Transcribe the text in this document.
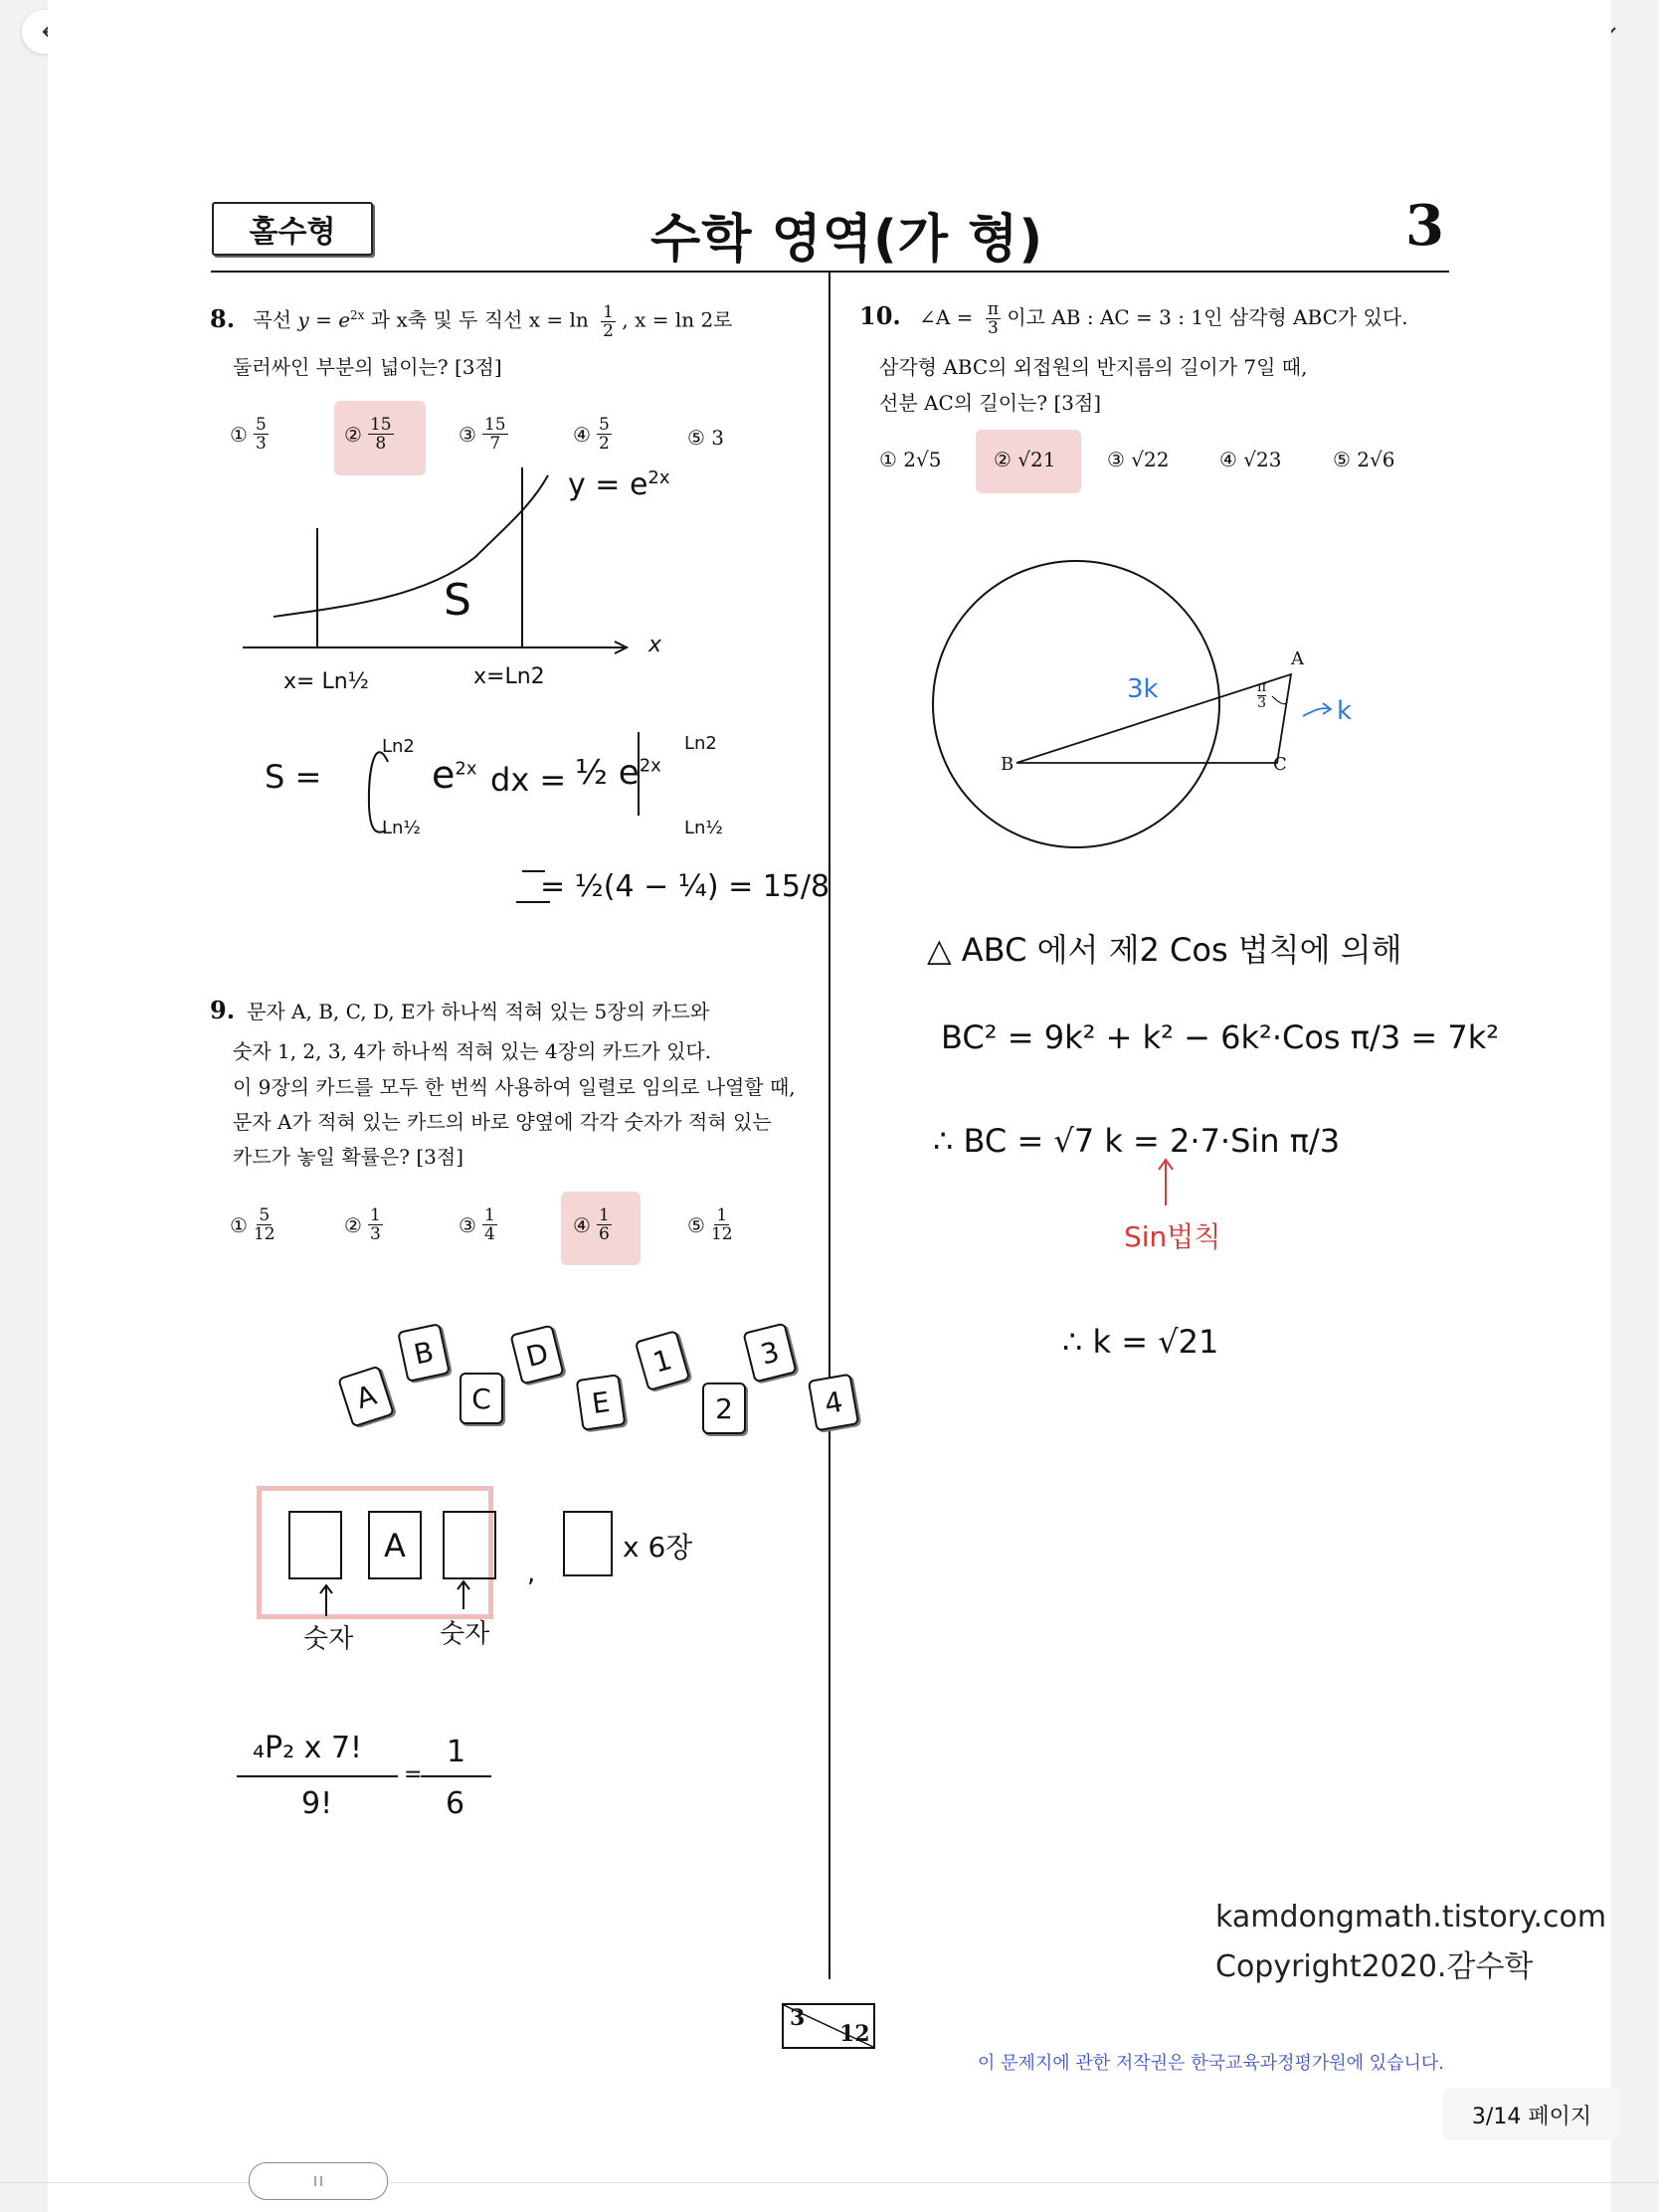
홀수형	수학 영역(가 형)	3
8. 곡선 $y = e^{2x}$ 과 x축 및 두 직선 $x = \ln \frac{1}{2}$ , x = ln 2로
둘러싸인 부분의 넓이는? [3점]
① $\frac{5}{3}$	② $\frac{15}{8}$	③ $\frac{15}{7}$	④ $\frac{5}{2}$	⑤
3
$y = e^{2x}$
S
x
x= Ln½	x=Ln2
S =
Ln2
Ln½
$e^{2x}$ dx = ½ $e^{2x}$
Ln2
Ln½
= ½(4 − ¼) = 15/8
9. 문자 A, B, C, D, E가 하나씩 적혀 있는 5장의 카드와
숫자 1, 2, 3, 4가 하나씩 적혀 있는 4장의 카드가 있다.
이 9장의 카드를 모두 한 번씩 사용하여 일렬로 임의로 나열할 때,
문자 A가 적혀 있는 카드의 바로 양옆에 각각 숫자가 적혀 있는
카드가 놓일 확률은? [3점]
① $\frac{5}{12}$	② $\frac{1}{3}$	③ $\frac{1}{4}$	④ $\frac{1}{6}$	⑤ $\frac{1}{12}$
A
B
C
D
E
1
2
3
4
A
,
x 6장
숫자	숫자
₄P₂ x 7!
9!
=
1
6
10. ∠A = $\frac{\pi}{3}$ 이고 AB : AC = 3 : 1인 삼각형 ABC가 있다.
삼각형 ABC의 외접원의 반지름의 길이가 7일 때,
선분 AC의 길이는? [3점]
① 2√5	② √21	③ √22	④ √23	⑤ 2√6
A
B	C
$\frac{\pi}{3}$
3k
k
△ ABC 에서 제2 Cos 법칙에 의해
BC² = 9k² + k² − 6k²·Cos π/3 = 7k²
∴ BC = √7 k = 2·7·Sin π/3
Sin법칙
∴ k = √21
kamdongmath.tistory.com
Copyright2020.감수학
3
12
이 문제지에 관한 저작권은 한국교육과정평가원에 있습니다.
3/14 페이지
